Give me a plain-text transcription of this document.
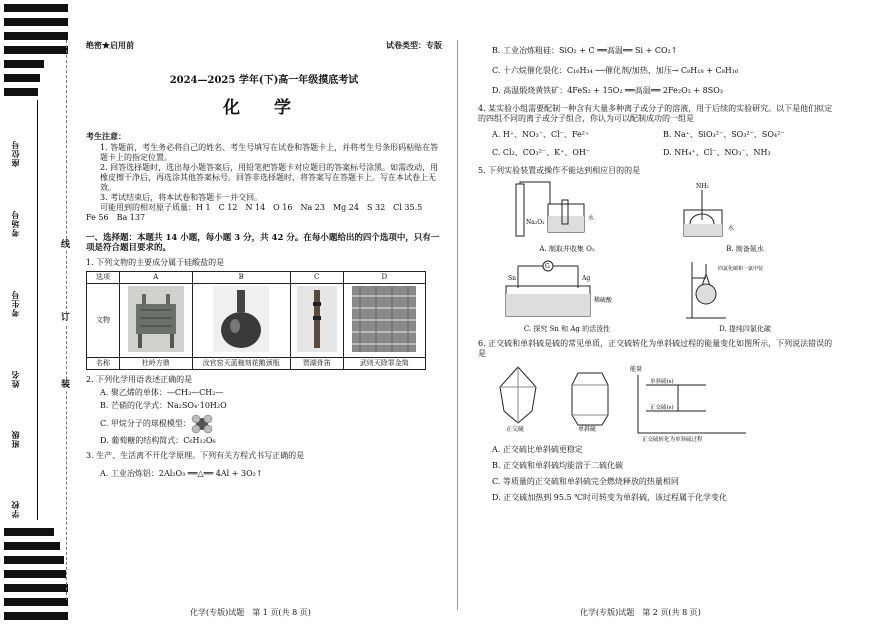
座位号
考场号
考生号
姓名
班级
学校
线
订
装
绝密★启用前	试卷类型：专版
2024—2025 学年(下)高一年级摸底考试
化 学

考生注意：

1. 答题前，考生务必将自己的姓名、考生号填写在试卷和答题卡上，并将考生号条形码粘贴在答题卡上的指定位置。

2. 回答选择题时，选出每小题答案后，用铅笔把答题卡对应题目的答案标号涂黑。如需改动，用橡皮擦干净后，再选涂其他答案标号。回答非选择题时，将答案写在答题卡上。写在本试卷上无效。

3. 考试结束后，将本试卷和答题卡一并交回。

可能用到的相对原子质量：H 1　C 12　N 14　O 16　Na 23　Mg 24　S 32　Cl 35.5

Fe 56　Ba 137

一、选择题：本题共 14 小题，每小题 3 分，共 42 分。在每小题给出的四个选项中，只有一项是符合题目要求的。

1. 下列文物的主要成分属于硅酸盐的是

选项	A	B	C	D
文物				
名称	杜岭方鼎	汝官窑天蓝釉刻花鹅颈瓶	贾湖骨笛	武则天除罪金简

2. 下列化学用语表述正确的是

A. 聚乙烯的单体：—CH₂—CH₂—

B. 芒硝的化学式：Na₂SO₄·10H₂O

C. 甲烷分子的球棍模型：

D. 葡萄糖的结构简式：C₆H₁₂O₆

3. 生产、生活离不开化学原理。下列有关方程式书写正确的是

A. 工业冶炼铝：2Al₂O₃ ══△══ 4Al + 3O₂↑

B. 工业冶炼粗硅：SiO₂ + C ══高温══ Si + CO₂↑

C. 十六烷催化裂化：C₁₆H₃₄ ──催化剂/加热、加压→ C₈H₁₈ + C₈H₁₆

D. 高温煅烧黄铁矿：4FeS₂ + 15O₂ ══高温══ 2Fe₂O₃ + 8SO₃

4. 某实验小组需要配制一种含有大量多种离子或分子的溶液，用于后续的实验研究。以下是他们拟定的四组不同的离子或分子组合，你认为可以配制成功的一组是

A. H⁺、NO₃⁻、Cl⁻、Fe²⁺	B. Na⁺、SiO₃²⁻、SO₃²⁻、SO₄²⁻
C. Cl₂、CO₃²⁻、K⁺、OH⁻	D. NH₄⁺、Cl⁻、NO₃⁻、NH₃

5. 下列实验装置或操作不能达到相应目的的是

水
Na₂O₂
A. 制取并收集 O₂
NH₃
水
B. 制备氨水
G
Sn	Ag
稀硫酸
C. 探究 Sn 和 Ag 的活泼性
四氯化碳和一氯甲烷
D. 提纯四氯化碳

6. 正交硫和单斜硫是硫的常见单质，正交硫转化为单斜硫过程的能量变化如图所示，下列说法错误的是

正交硫	单斜硫
能量
单斜硫(s)
正交硫(s)
正交硫转化为单斜硫过程

A. 正交硫比单斜硫更稳定

B. 正交硫和单斜硫均能溶于二硫化碳

C. 等质量的正交硫和单斜硫完全燃烧释放的热量相同

D. 正交硫加热到 95.5 ℃时可转变为单斜硫，该过程属于化学变化

化学(专版)试题　第 1 页(共 8 页)	化学(专版)试题　第 2 页(共 8 页)
